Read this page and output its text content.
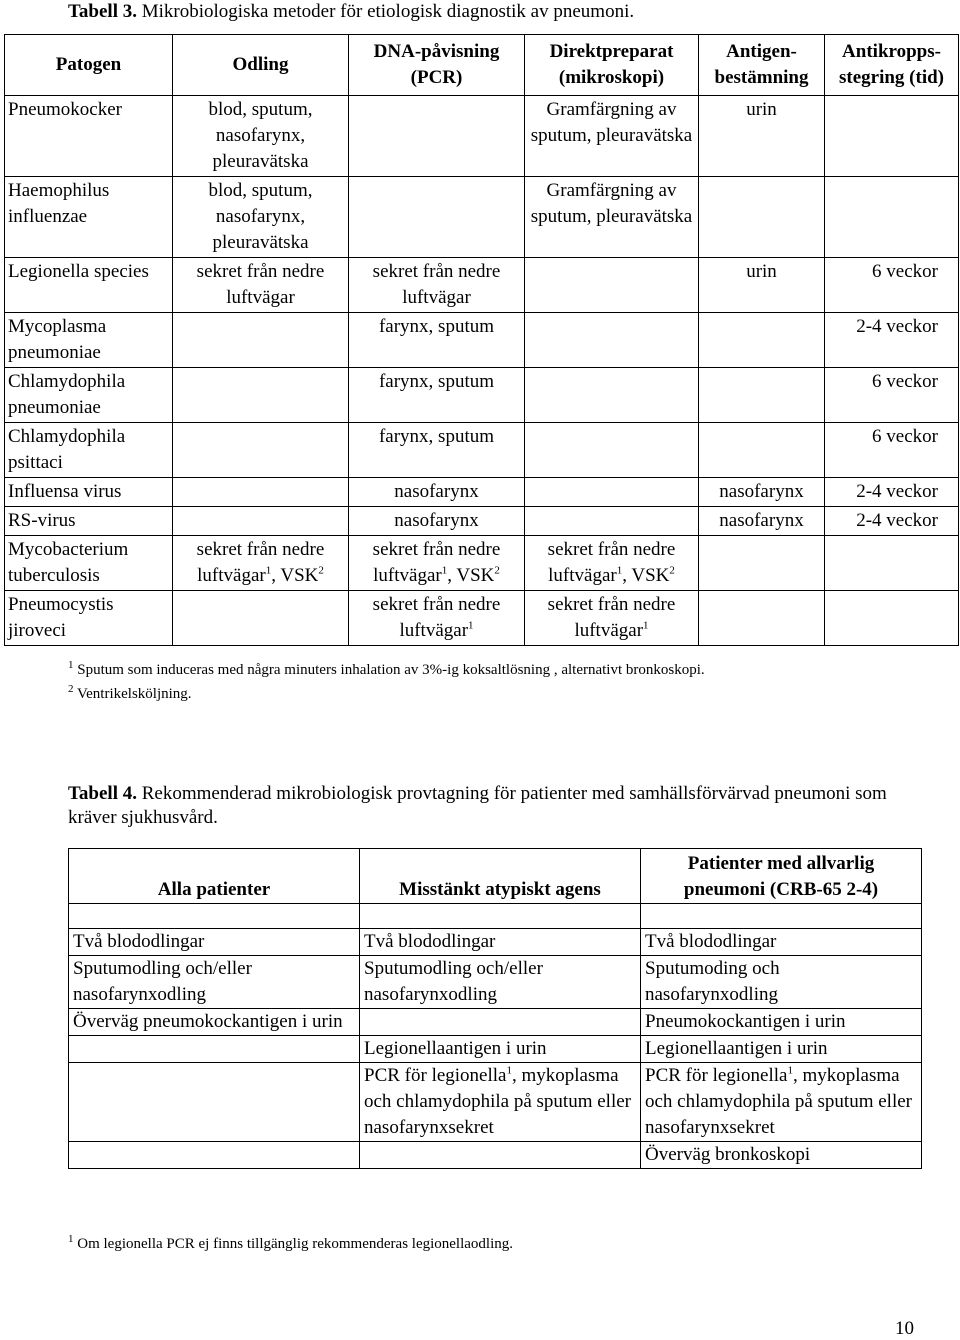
Tabell 3. Mikrobiologiska metoder för etiologisk diagnostik av pneumoni.
Patogen	Odling	DNA-påvisning (PCR)	Direktpreparat (mikroskopi)	Antigen-bestämning	Antikropps-stegring (tid)
Pneumokocker	blod, sputum, nasofarynx, pleuravätska		Gramfärgning av sputum, pleuravätska	urin	
Haemophilus influenzae	blod, sputum, nasofarynx, pleuravätska		Gramfärgning av sputum, pleuravätska		
Legionella species	sekret från nedre luftvägar	sekret från nedre luftvägar		urin	6 veckor
Mycoplasma pneumoniae		farynx, sputum			2-4 veckor
Chlamydophila pneumoniae		farynx, sputum			6 veckor
Chlamydophila psittaci		farynx, sputum			6 veckor
Influensa virus		nasofarynx		nasofarynx	2-4 veckor
RS-virus		nasofarynx		nasofarynx	2-4 veckor
Mycobacterium tuberculosis	sekret från nedre luftvägar$^1$, VSK$^2$	sekret från nedre luftvägar$^1$, VSK$^2$	sekret från nedre luftvägar$^1$, VSK$^2$		
Pneumocystis jiroveci		sekret från nedre luftvägar$^1$	sekret från nedre luftvägar$^1$		
$^1$ Sputum som induceras med några minuters inhalation av 3%-ig koksaltlösning , alternativt bronkoskopi.
$^2$ Ventrikelsköljning.
Tabell 4. Rekommenderad mikrobiologisk provtagning för patienter med samhällsförvärvad pneumoni som kräver sjukhusvård.
Alla patienter	Misstänkt atypiskt agens	Patienter med allvarlig pneumoni (CRB-65 2-4)

Två blododlingar	Två blododlingar	Två blododlingar
Sputumodling och/eller nasofarynxodling	Sputumodling och/eller nasofarynxodling	Sputumoding och nasofarynxodling
Överväg pneumokockantigen i urin		Pneumokockantigen i urin
	Legionellaantigen i urin	Legionellaantigen i urin
	PCR för legionella$^1$, mykoplasma och chlamydophila på sputum eller nasofarynxsekret	PCR för legionella$^1$, mykoplasma och chlamydophila på sputum eller nasofarynxsekret
		Överväg bronkoskopi
$^1$ Om legionella PCR ej finns tillgänglig rekommenderas legionellaodling.
10
